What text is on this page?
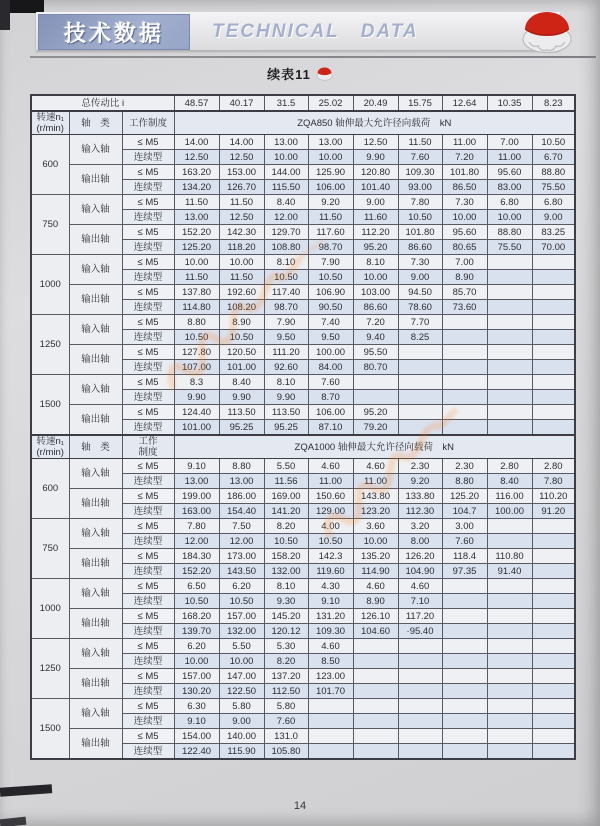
技术数据	TECHNICAL DATA
续表11
总传动比 i			48.57	40.17	31.5	25.02	20.49	15.75	12.64	10.35	8.23

转速n₁
(r/min)	轴　类	工作制度	ZQA850 轴伸最大允许径向载荷　kN								
600	输入轴	≤ M5	14.00	14.00	13.00	13.00	12.50	11.50	11.00	7.00	10.50
		连续型	12.50	12.50	10.00	10.00	9.90	7.60	7.20	11.00	6.70
	输出轴	≤ M5	163.20	153.00	144.00	125.90	120.80	109.30	101.80	95.60	88.80
		连续型	134.20	126.70	115.50	106.00	101.40	93.00	86.50	83.00	75.50
750	输入轴	≤ M5	11.50	11.50	8.40	9.20	9.00	7.80	7.30	6.80	6.80
		连续型	13.00	12.50	12.00	11.50	11.60	10.50	10.00	10.00	9.00
	输出轴	≤ M5	152.20	142.30	129.70	117.60	112.20	101.80	95.60	88.80	83.25
		连续型	125.20	118.20	108.80	98.70	95.20	86.60	80.65	75.50	70.00
1000	输入轴	≤ M5	10.00	10.00	8.10	7.90	8.10	7.30	7.00		
		连续型	11.50	11.50	10.50	10.50	10.00	9.00	8.90		
	输出轴	≤ M5	137.80	192.60	117.40	106.90	103.00	94.50	85.70		
		连续型	114.80	108.20	98.70	90.50	86.60	78.60	73.60		
1250	输入轴	≤ M5	8.80	8.90	7.90	7.40	7.20	7.70			
		连续型	10.50	10.50	9.50	9.50	9.40	8.25			
	输出轴	≤ M5	127.80	120.50	111.20	100.00	95.50				
		连续型	107.00	101.00	92.60	84.00	80.70				
1500	输入轴	≤ M5	8.3	8.40	8.10	7.60					
		连续型	9.90	9.90	9.90	8.70					
	输出轴	≤ M5	124.40	113.50	113.50	106.00	95.20				
		连续型	101.00	95.25	95.25	87.10	79.20				

转速n₁
(r/min)	轴　类	工作
制度	ZQA1000 轴伸最大允许径向载荷　kN								
600	输入轴	≤ M5	9.10	8.80	5.50	4.60	4.60	2.30	2.30	2.80	2.80
		连续型	13.00	13.00	11.56	11.00	11.00	9.20	8.80	8.40	7.80
	输出轴	≤ M5	199.00	186.00	169.00	150.60	143.80	133.80	125.20	116.00	110.20
		连续型	163.00	154.40	141.20	129.00	123.20	112.30	104.7	100.00	91.20
750	输入轴	≤ M5	7.80	7.50	8.20	4.00	3.60	3.20	3.00		
		连续型	12.00	12.00	10.50	10.50	10.00	8.00	7.60		
	输出轴	≤ M5	184.30	173.00	158.20	142.3	135.20	126.20	118.4	110.80	
		连续型	152.20	143.50	132.00	119.60	114.90	104.90	97.35	91.40	
1000	输入轴	≤ M5	6.50	6.20	8.10	4.30	4.60	4.60			
		连续型	10.50	10.50	9.30	9.10	8.90	7.10			
	输出轴	≤ M5	168.20	157.00	145.20	131.20	126.10	117.20			
		连续型	139.70	132.00	120.12	109.30	104.60	·95.40			
1250	输入轴	≤ M5	6.20	5.50	5.30	4.60					
		连续型	10.00	10.00	8.20	8.50					
	输出轴	≤ M5	157.00	147.00	137.20	123.00					
		连续型	130.20	122.50	112.50	101.70					
1500	输入轴	≤ M5	6.30	5.80	5.80						
		连续型	9.10	9.00	7.60						
	输出轴	≤ M5	154.00	140.00	131.0						
		连续型	122.40	115.90	105.80						
14
